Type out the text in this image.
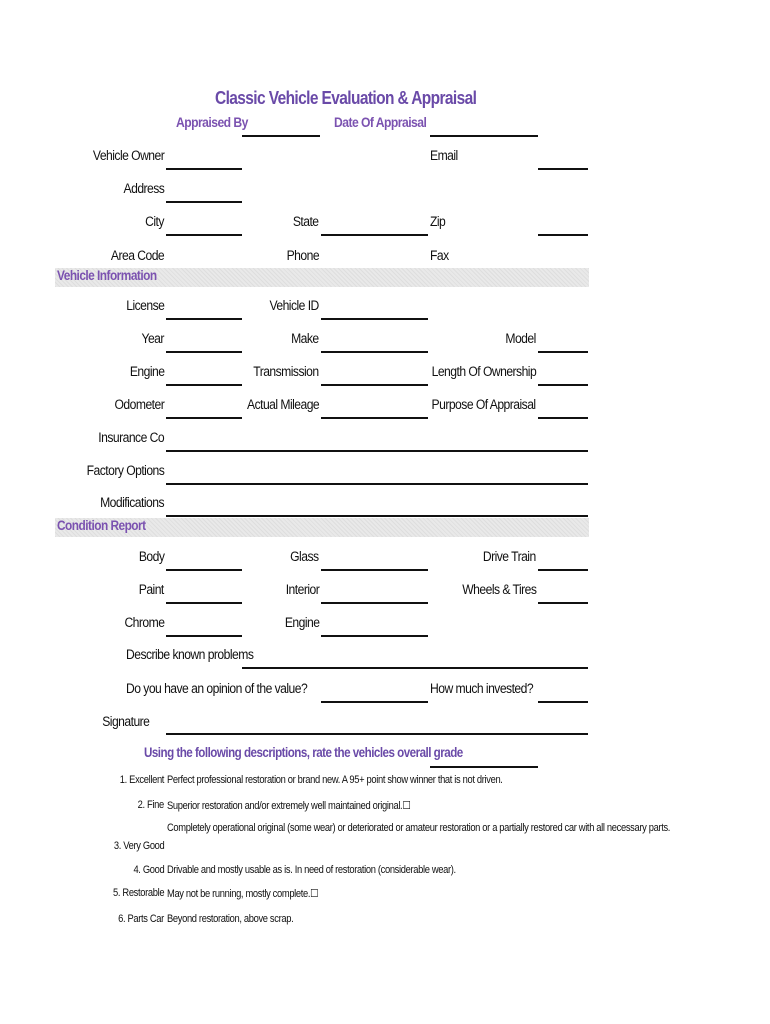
Classic Vehicle Evaluation & Appraisal
Appraised By	Date Of Appraisal
Vehicle Owner	Email
Address
City	State	Zip
Area Code	Phone	Fax
Vehicle Information
License	Vehicle ID
Year	Make	Model
Engine	Transmission	Length Of Ownership
Odometer	Actual Mileage	Purpose Of Appraisal
Insurance Co
Factory Options
Modifications
Condition Report
Body	Glass	Drive Train
Paint	Interior	Wheels & Tires
Chrome	Engine
Describe known problems
Do you have an opinion of the value?	How much invested?
Signature
Using the following descriptions, rate the vehicles overall grade
1. Excellent Perfect professional restoration or brand new. A 95+ point show winner that is not driven.
2. Fine Superior restoration and/or extremely well maintained original.☐
Completely operational original (some wear) or deteriorated or amateur restoration or a partially restored car with all necessary parts.
3. Very Good
4. Good Drivable and mostly usable as is. In need of restoration (considerable wear).
5. Restorable May not be running, mostly complete.☐
6. Parts Car Beyond restoration, above scrap.
